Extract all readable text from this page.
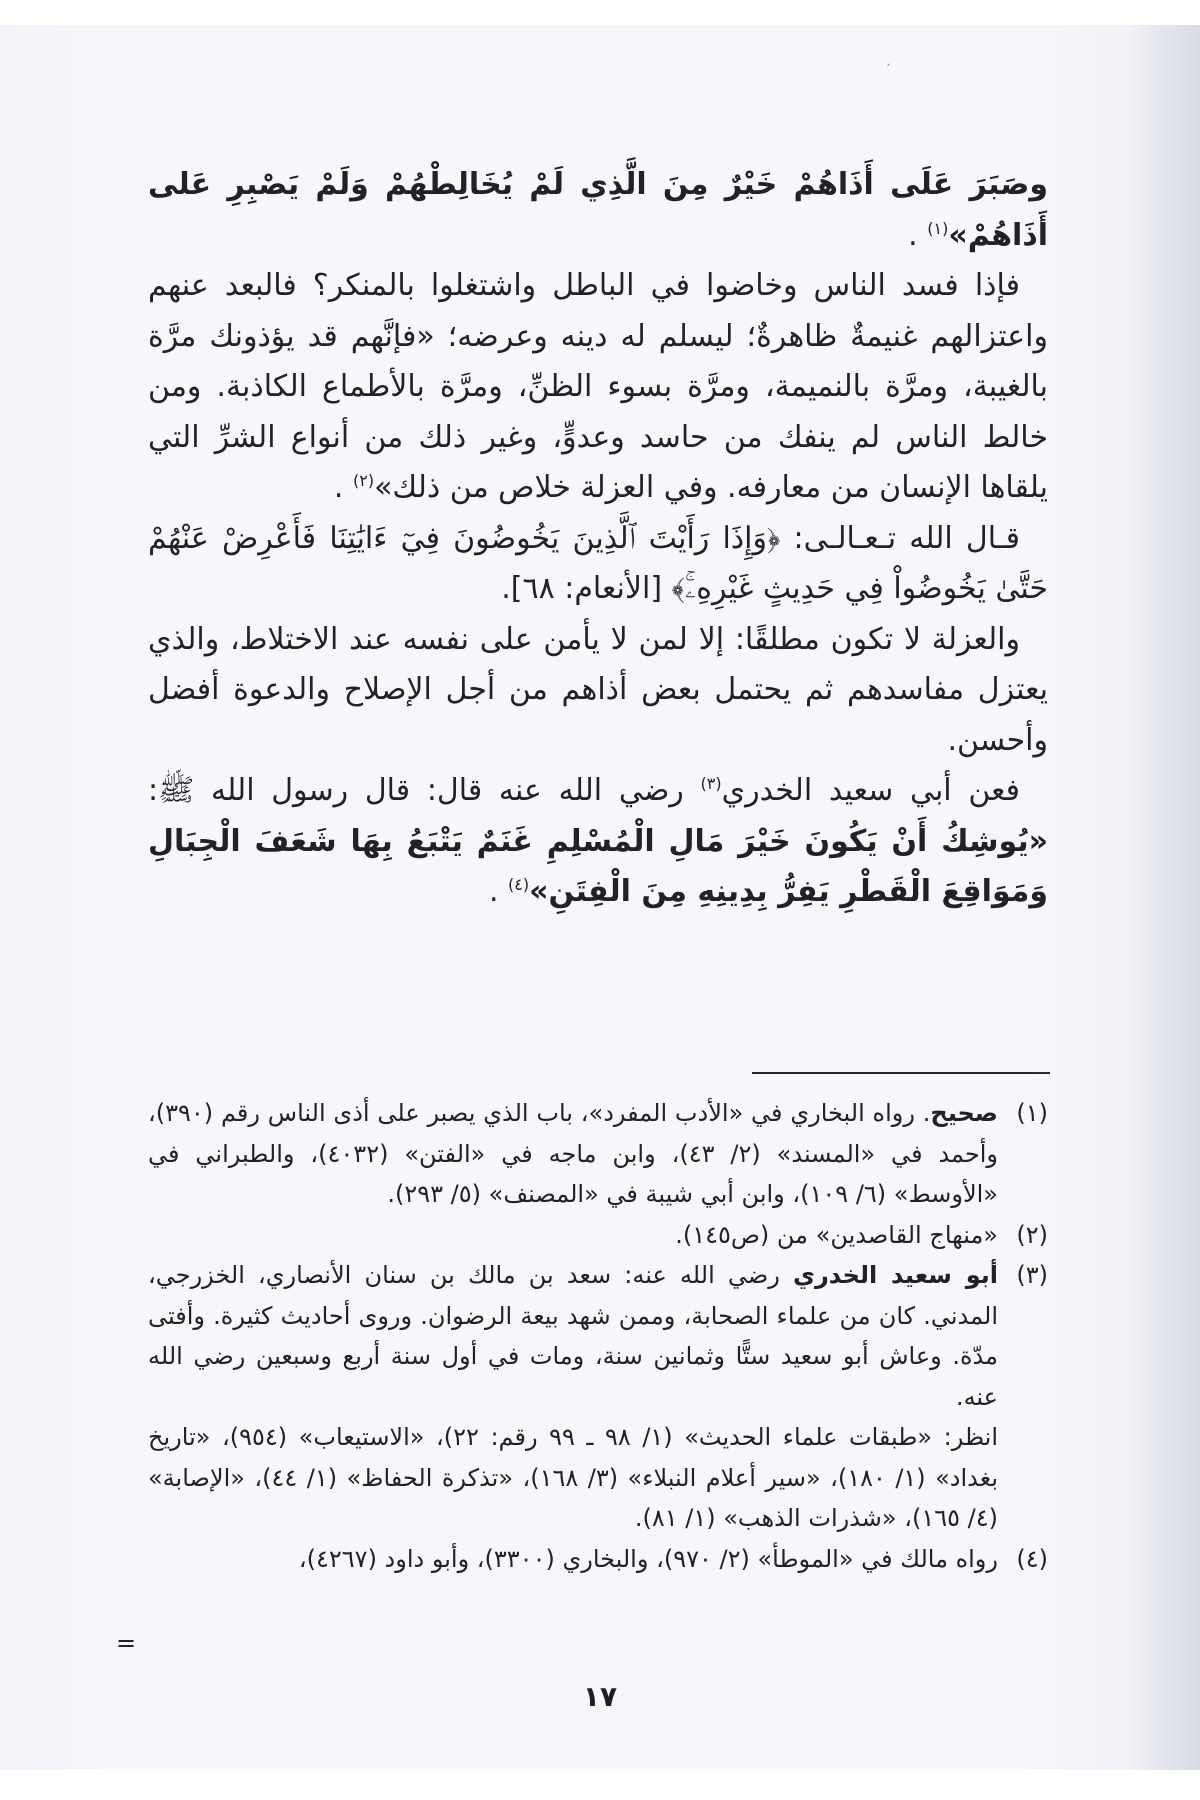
ˏ

وصَبَرَ عَلَى أَذَاهُمْ خَيْرٌ مِنَ الَّذِي لَمْ يُخَالِطْهُمْ وَلَمْ يَصْبِرِ عَلى أَذَاهُمْ»$^{(١)}$ .

فإذا فسد الناس وخاضوا في الباطل واشتغلوا بالمنكر؟ فالبعد عنهم واعتزالهم غنيمةٌ ظاهرةٌ؛ ليسلم له دينه وعرضه؛ «فإنَّهم قد يؤذونك مرَّة بالغيبة، ومرَّة بالنميمة، ومرَّة بسوء الظنِّ، ومرَّة بالأطماع الكاذبة. ومن خالط الناس لم ينفك من حاسد وعدوٍّ، وغير ذلك من أنواع الشرِّ التي يلقاها الإنسان من معارفه. وفي العزلة خلاص من ذلك»$^{(٢)}$ .

قـال الله تـعـالـى: ﴿وَإِذَا رَأَيْتَ ٱلَّذِينَ يَخُوضُونَ فِيٓ ءَايَٰتِنَا فَأَعْرِضْ عَنْهُمْ حَتَّىٰ يَخُوضُواْ فِي حَدِيثٍ غَيْرِهِۦۚ﴾ [الأنعام: ٦٨].

والعزلة لا تكون مطلقًا: إلا لمن لا يأمن على نفسه عند الاختلاط، والذي يعتزل مفاسدهم ثم يحتمل بعض أذاهم من أجل الإصلاح والدعوة أفضل وأحسن.

فعن أبي سعيد الخدري$^{(٣)}$ رضي الله عنه قال: قال رسول الله ﷺ: «يُوشِكُ أَنْ يَكُونَ خَيْرَ مَالِ الْمُسْلِمِ غَنَمٌ يَتْبَعُ بِهَا شَعَفَ الْجِبَالِ وَمَوَاقِعَ الْقَطْرِ يَفِرُّ بِدِينِهِ مِنَ الْفِتَنِ»$^{(٤)}$ .

(١)
صحيح. رواه البخاري في «الأدب المفرد»، باب الذي يصبر على أذى الناس رقم (٣٩٠)، وأحمد في «المسند» (٢/ ٤٣)، وابن ماجه في «الفتن» (٤٠٣٢)، والطبراني في «الأوسط» (٦/ ١٠٩)، وابن أبي شيبة في «المصنف» (٥/ ٢٩٣).
(٢)
«منهاج القاصدين» من (ص١٤٥).
(٣)
أبو سعيد الخدري رضي الله عنه: سعد بن مالك بن سنان الأنصاري، الخزرجي، المدني. كان من علماء الصحابة، وممن شهد بيعة الرضوان. وروى أحاديث كثيرة. وأفتى مدّة. وعاش أبو سعيد ستًّا وثمانين سنة، ومات في أول سنة أربع وسبعين رضي الله عنه.
انظر: «طبقات علماء الحديث» (١/ ٩٨ ـ ٩٩ رقم: ٢٢)، «الاستيعاب» (٩٥٤)، «تاريخ بغداد» (١/ ١٨٠)، «سير أعلام النبلاء» (٣/ ١٦٨)، «تذكرة الحفاظ» (١/ ٤٤)، «الإصابة» (٤/ ١٦٥)، «شذرات الذهب» (١/ ٨١).
(٤)
رواه مالك في «الموطأ» (٢/ ٩٧٠)، والبخاري (٣٣٠٠)، وأبو داود (٤٢٦٧)،
=
١٧
